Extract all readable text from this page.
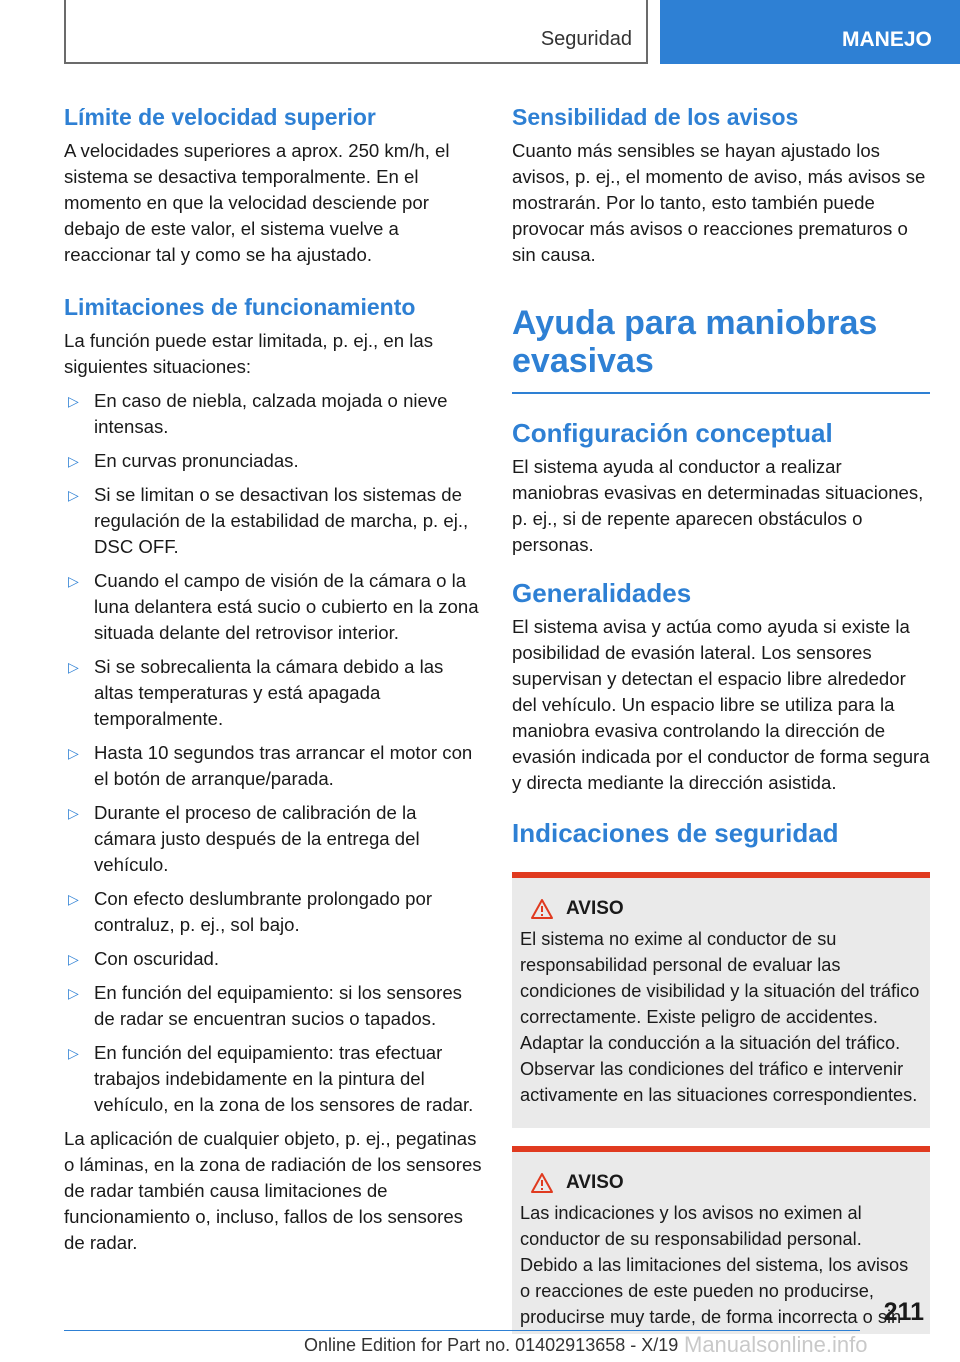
Seguridad	MANEJO
Límite de velocidad superior

A velocidades superiores a aprox. 250 km/h, el sistema se desactiva temporalmente. En el momento en que la velocidad desciende por debajo de este valor, el sistema vuelve a reaccionar tal y como se ha ajustado.

Limitaciones de funcionamiento

La función puede estar limitada, p. ej., en las siguientes situaciones:

▷ En caso de niebla, calzada mojada o nieve intensas.
▷ En curvas pronunciadas.
▷ Si se limitan o se desactivan los sistemas de regulación de la estabilidad de marcha, p. ej., DSC OFF.
▷ Cuando el campo de visión de la cámara o la luna delantera está sucio o cubierto en la zona situada delante del retrovisor interior.
▷ Si se sobrecalienta la cámara debido a las altas temperaturas y está apagada temporalmente.
▷ Hasta 10 segundos tras arrancar el motor con el botón de arranque/parada.
▷ Durante el proceso de calibración de la cámara justo después de la entrega del vehículo.
▷ Con efecto deslumbrante prolongado por contraluz, p. ej., sol bajo.
▷ Con oscuridad.
▷ En función del equipamiento: si los sensores de radar se encuentran sucios o tapados.
▷ En función del equipamiento: tras efectuar trabajos indebidamente en la pintura del vehículo, en la zona de los sensores de radar.

La aplicación de cualquier objeto, p. ej., pegatinas o láminas, en la zona de radiación de los sensores de radar también causa limitaciones de funcionamiento o, incluso, fallos de los sensores de radar.

Sensibilidad de los avisos

Cuanto más sensibles se hayan ajustado los avisos, p. ej., el momento de aviso, más avisos se mostrarán. Por lo tanto, esto también puede provocar más avisos o reacciones prematuros o sin causa.

Ayuda para maniobras evasivas
Configuración conceptual

El sistema ayuda al conductor a realizar maniobras evasivas en determinadas situaciones, p. ej., si de repente aparecen obstáculos o personas.

Generalidades

El sistema avisa y actúa como ayuda si existe la posibilidad de evasión lateral. Los sensores supervisan y detectan el espacio libre alrededor del vehículo. Un espacio libre se utiliza para la maniobra evasiva controlando la dirección de evasión indicada por el conductor de forma segura y directa mediante la dirección asistida.

Indicaciones de seguridad
AVISO

El sistema no exime al conductor de su responsabilidad personal de evaluar las condiciones de visibilidad y la situación del tráfico correctamente. Existe peligro de accidentes. Adaptar la conducción a la situación del tráfico. Observar las condiciones del tráfico e intervenir activamente en las situaciones correspondientes.

AVISO

Las indicaciones y los avisos no eximen al conductor de su responsabilidad personal. Debido a las limitaciones del sistema, los avisos o reacciones de este pueden no producirse, producirse muy tarde, de forma incorrecta o sin

211
Online Edition for Part no. 01402913658 - X/19 Manualsonline.info
